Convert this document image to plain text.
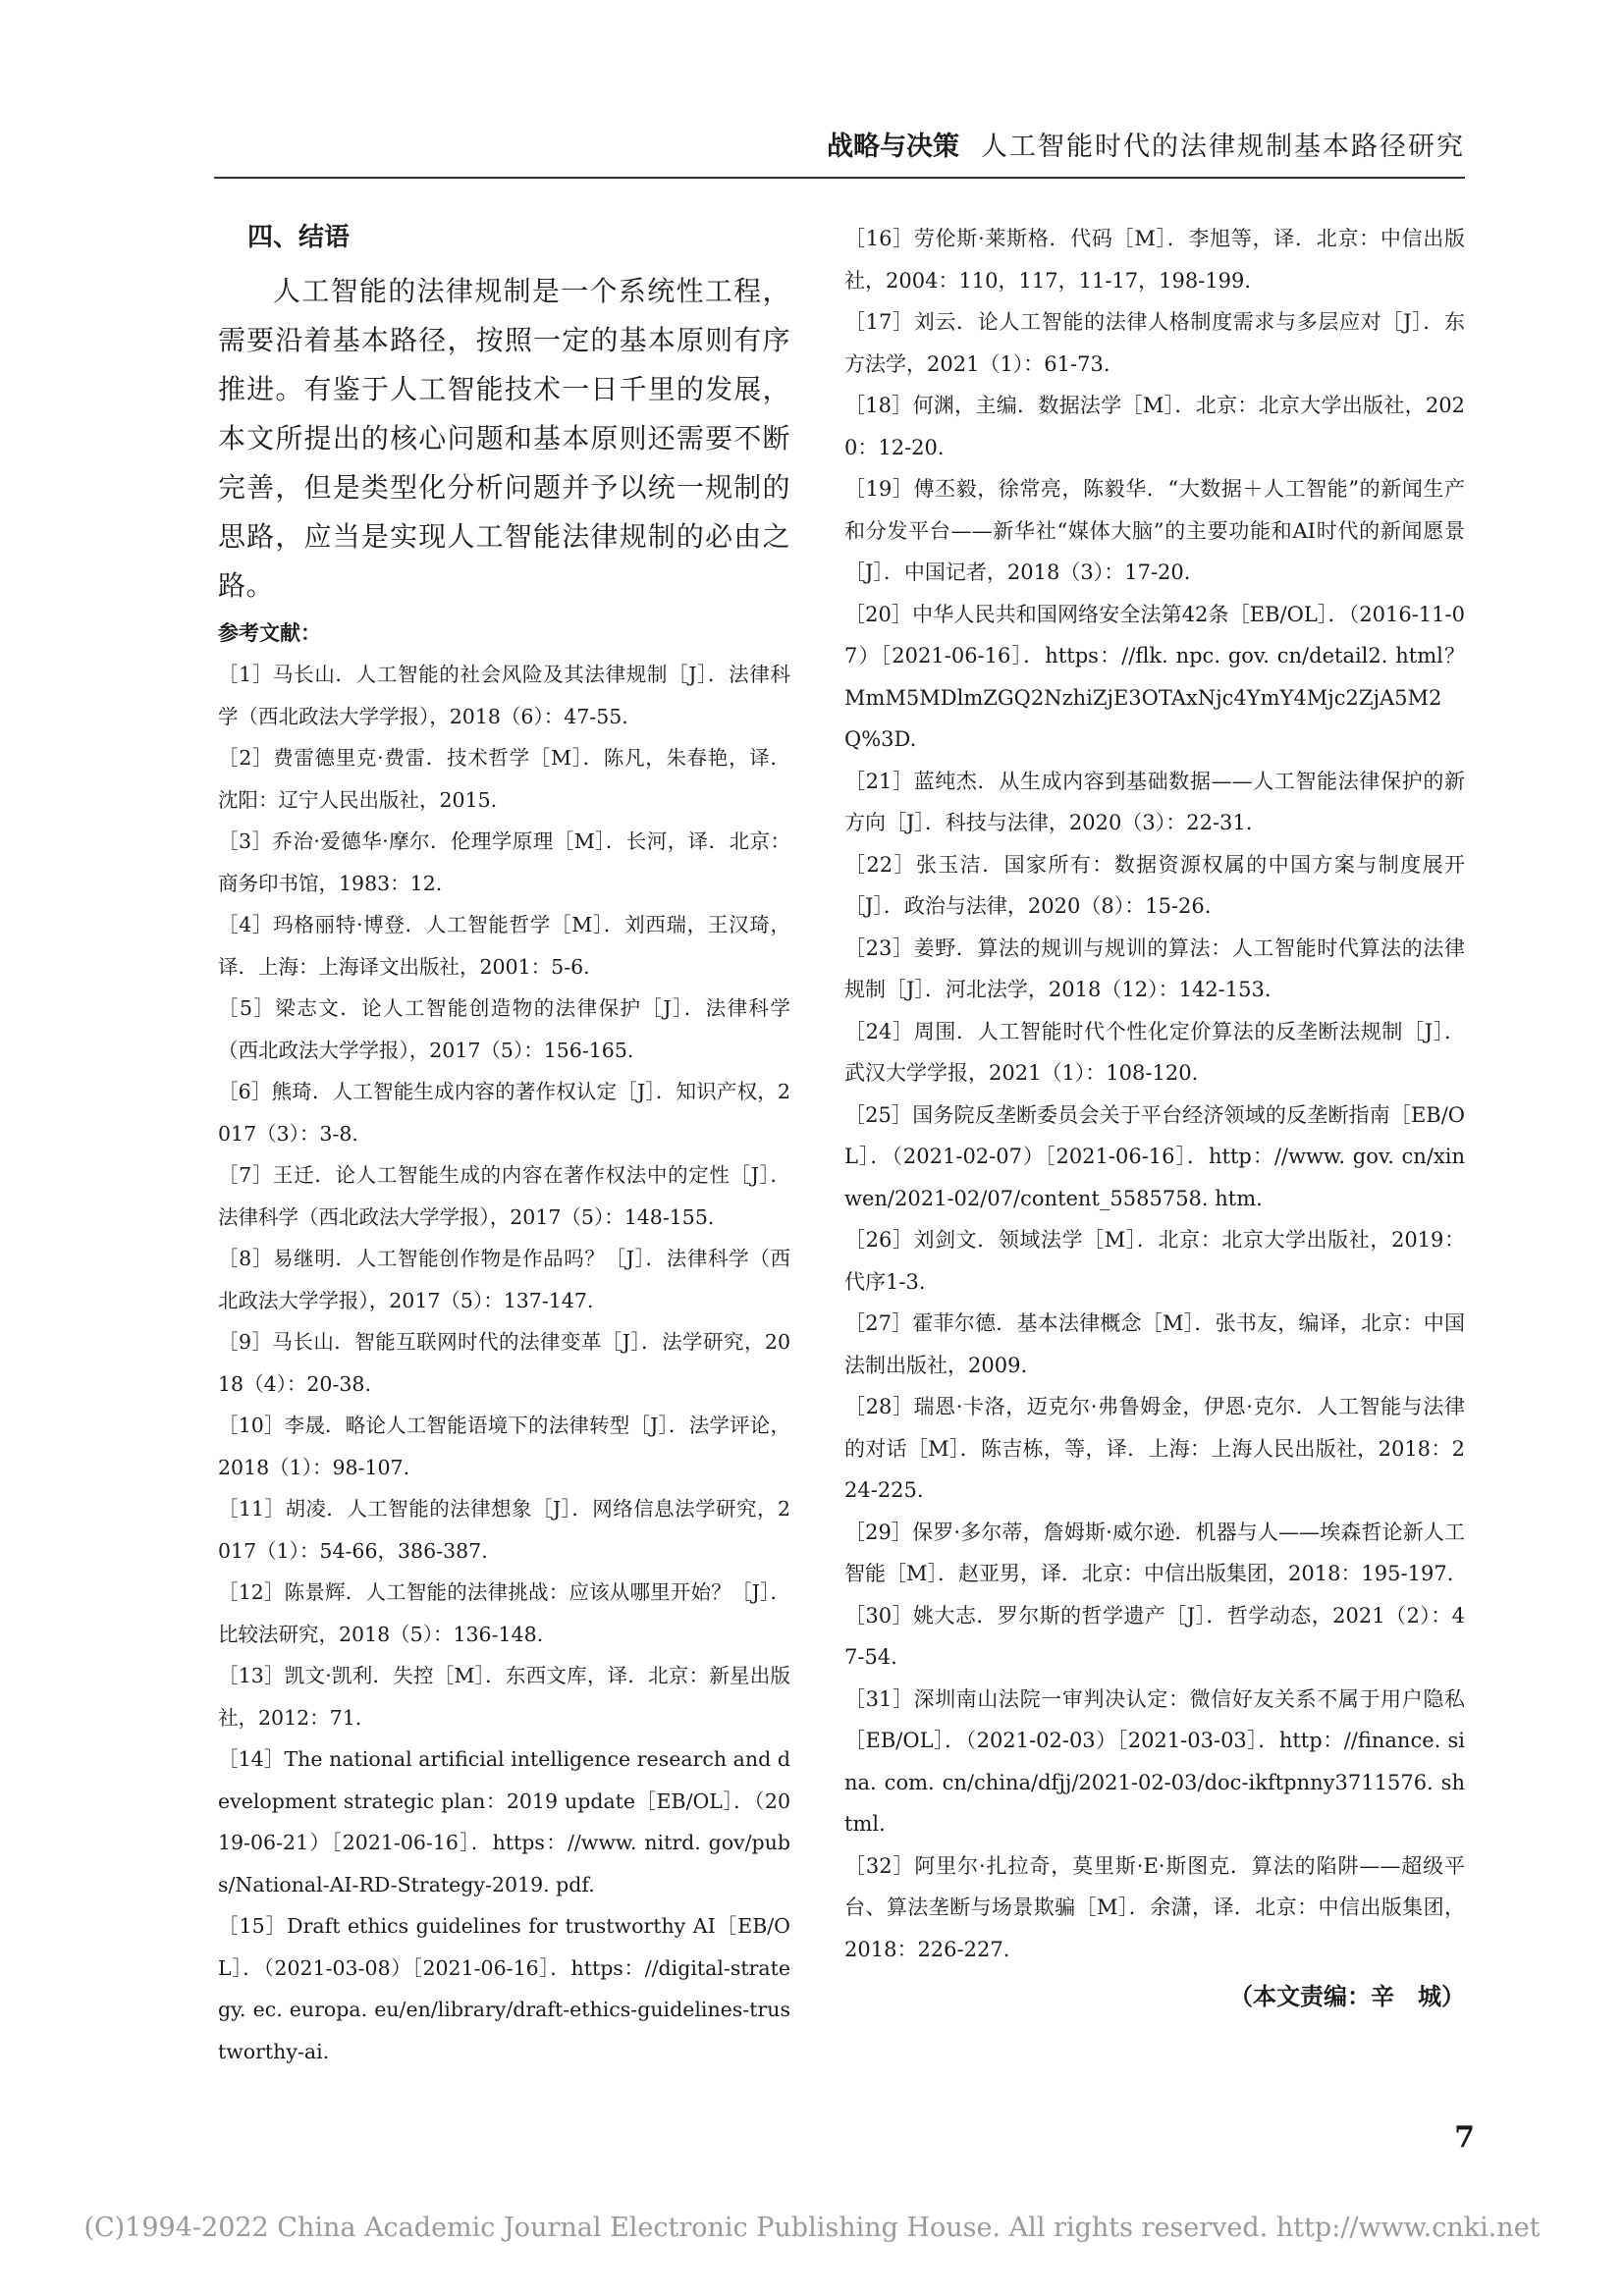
战略与决策 人工智能时代的法律规制基本路径研究
四、结语

人工智能的法律规制是一个系统性工程，需要沿着基本路径，按照一定的基本原则有序推进。有鉴于人工智能技术一日千里的发展，本文所提出的核心问题和基本原则还需要不断完善，但是类型化分析问题并予以统一规制的思路，应当是实现人工智能法律规制的必由之路。

参考文献：

［1］马长山．人工智能的社会风险及其法律规制［J］．法律科学（西北政法大学学报），2018（6）：47-55.

［2］费雷德里克·费雷．技术哲学［M］．陈凡，朱春艳，译．沈阳：辽宁人民出版社，2015.

［3］乔治·爱德华·摩尔．伦理学原理［M］．长河，译．北京：商务印书馆，1983：12.

［4］玛格丽特·博登．人工智能哲学［M］．刘西瑞，王汉琦，译．上海：上海译文出版社，2001：5-6.

［5］梁志文．论人工智能创造物的法律保护［J］．法律科学（西北政法大学学报），2017（5）：156-165.

［6］熊琦．人工智能生成内容的著作权认定［J］．知识产权，2017（3）：3-8.

［7］王迁．论人工智能生成的内容在著作权法中的定性［J］．法律科学（西北政法大学学报），2017（5）：148-155.

［8］易继明．人工智能创作物是作品吗？［J］．法律科学（西北政法大学学报），2017（5）：137-147.

［9］马长山．智能互联网时代的法律变革［J］．法学研究，2018（4）：20-38.

［10］李晟．略论人工智能语境下的法律转型［J］．法学评论，2018（1）：98-107.

［11］胡凌．人工智能的法律想象［J］．网络信息法学研究，2017（1）：54-66，386-387.

［12］陈景辉．人工智能的法律挑战：应该从哪里开始？［J］．比较法研究，2018（5）：136-148.

［13］凯文·凯利．失控［M］．东西文库，译．北京：新星出版社，2012：71.

［14］The national artificial intelligence research and development strategic plan：2019 update［EB/OL］．（2019-06-21）［2021-06-16］．https：//www. nitrd. gov/pubs/National-AI-RD-Strategy-2019. pdf.

［15］Draft ethics guidelines for trustworthy AI［EB/OL］．（2021-03-08）［2021-06-16］．https：//digital-strategy. ec. europa. eu/en/library/draft-ethics-guidelines-trustworthy-ai.

［16］劳伦斯·莱斯格．代码［M］．李旭等，译．北京：中信出版社，2004：110，117，11-17，198-199.

［17］刘云．论人工智能的法律人格制度需求与多层应对［J］．东方法学，2021（1）：61-73.

［18］何渊，主编．数据法学［M］．北京：北京大学出版社，2020：12-20.

［19］傅丕毅，徐常亮，陈毅华．“大数据＋人工智能”的新闻生产和分发平台——新华社“媒体大脑”的主要功能和AI时代的新闻愿景［J］．中国记者，2018（3）：17-20.

［20］中华人民共和国网络安全法第42条［EB/OL］．（2016-11-07）［2021-06-16］．https：//flk. npc. gov. cn/detail2. html？MmM5MDlmZGQ2NzhiZjE3OTAxNjc4YmY4Mjc2ZjA5M2Q%3D.

［21］蓝纯杰．从生成内容到基础数据——人工智能法律保护的新方向［J］．科技与法律，2020（3）：22-31.

［22］张玉洁．国家所有：数据资源权属的中国方案与制度展开［J］．政治与法律，2020（8）：15-26.

［23］姜野．算法的规训与规训的算法：人工智能时代算法的法律规制［J］．河北法学，2018（12）：142-153.

［24］周围．人工智能时代个性化定价算法的反垄断法规制［J］．武汉大学学报，2021（1）：108-120.

［25］国务院反垄断委员会关于平台经济领域的反垄断指南［EB/OL］．（2021-02-07）［2021-06-16］．http：//www. gov. cn/xinwen/2021-02/07/content_5585758. htm.

［26］刘剑文．领域法学［M］．北京：北京大学出版社，2019：代序1-3.

［27］霍菲尔德．基本法律概念［M］．张书友，编译，北京：中国法制出版社，2009.

［28］瑞恩·卡洛，迈克尔·弗鲁姆金，伊恩·克尔．人工智能与法律的对话［M］．陈吉栋，等，译．上海：上海人民出版社，2018：224-225.

［29］保罗·多尔蒂，詹姆斯·威尔逊．机器与人——埃森哲论新人工智能［M］．赵亚男，译．北京：中信出版集团，2018：195-197.

［30］姚大志．罗尔斯的哲学遗产［J］．哲学动态，2021（2）：47-54.

［31］深圳南山法院一审判决认定：微信好友关系不属于用户隐私［EB/OL］．（2021-02-03）［2021-03-03］．http：//finance. sina. com. cn/china/dfjj/2021-02-03/doc-ikftpnny3711576. shtml.

［32］阿里尔·扎拉奇，莫里斯·E·斯图克．算法的陷阱——超级平台、算法垄断与场景欺骗［M］．余潇，译．北京：中信出版集团，2018：226-227.

（本文责编：辛　城）
7
(C)1994-2022 China Academic Journal Electronic Publishing House. All rights reserved. http://www.cnki.net
